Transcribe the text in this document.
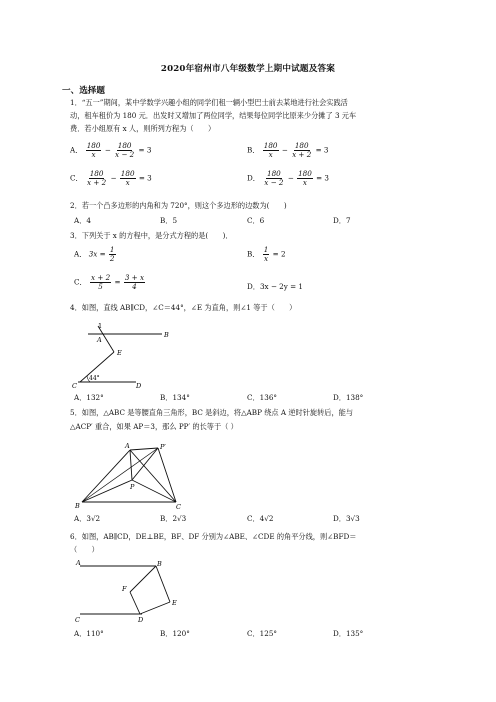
2020年宿州市八年级数学上期中试题及答案
一、选择题
1．“五一”期间，某中学数学兴趣小组的同学们租一辆小型巴士前去某地进行社会实践活
动，租车租价为 180 元．出发时又增加了两位同学，结果每位同学比原来少分摊了 3 元车
费．若小组原有 x 人，则所列方程为（　　）
A． $\frac{180}{x} - \frac{180}{x - 2} = 3$	B． $\frac{180}{x} - \frac{180}{x + 2} = 3$
C． $\frac{180}{x + 2} - \frac{180}{x} = 3$	D． $\frac{180}{x - 2} - \frac{180}{x} = 3$
2．若一个凸多边形的内角和为 720°，则这个多边形的边数为(　　)
A．4	B．5	C．6	D．7
3．下列关于 x 的方程中，是分式方程的是(　　)．
A． $3x = \frac{1}{2}$	B． $\frac{1}{x} = 2$
C． $\frac{x + 2}{5} = \frac{3 + x}{4}$	D．3x − 2y = 1
4．如图，直线 AB∥CD，∠C＝44°，∠E 为直角，则∠1 等于（　　）
1
A
B
E
C	D
44°
A．132°	B．134°	C．136°	D．138°
5．如图，△ABC 是等腰直角三角形，BC 是斜边，将△ABP 绕点 A 逆时针旋转后，能与
△ACP′ 重合，如果 AP＝3，那么 PP′ 的长等于（ ）
A	P′
P
B	C
A．3√2	B．2√3	C．4√2	D．3√3
6．如图，AB∥CD，DE⊥BE，BF、DF 分别为∠ABE、∠CDE 的角平分线，则∠BFD＝
（　　）
A	B
F
E
C	D
A．110°	B．120°	C．125°	D．135°
